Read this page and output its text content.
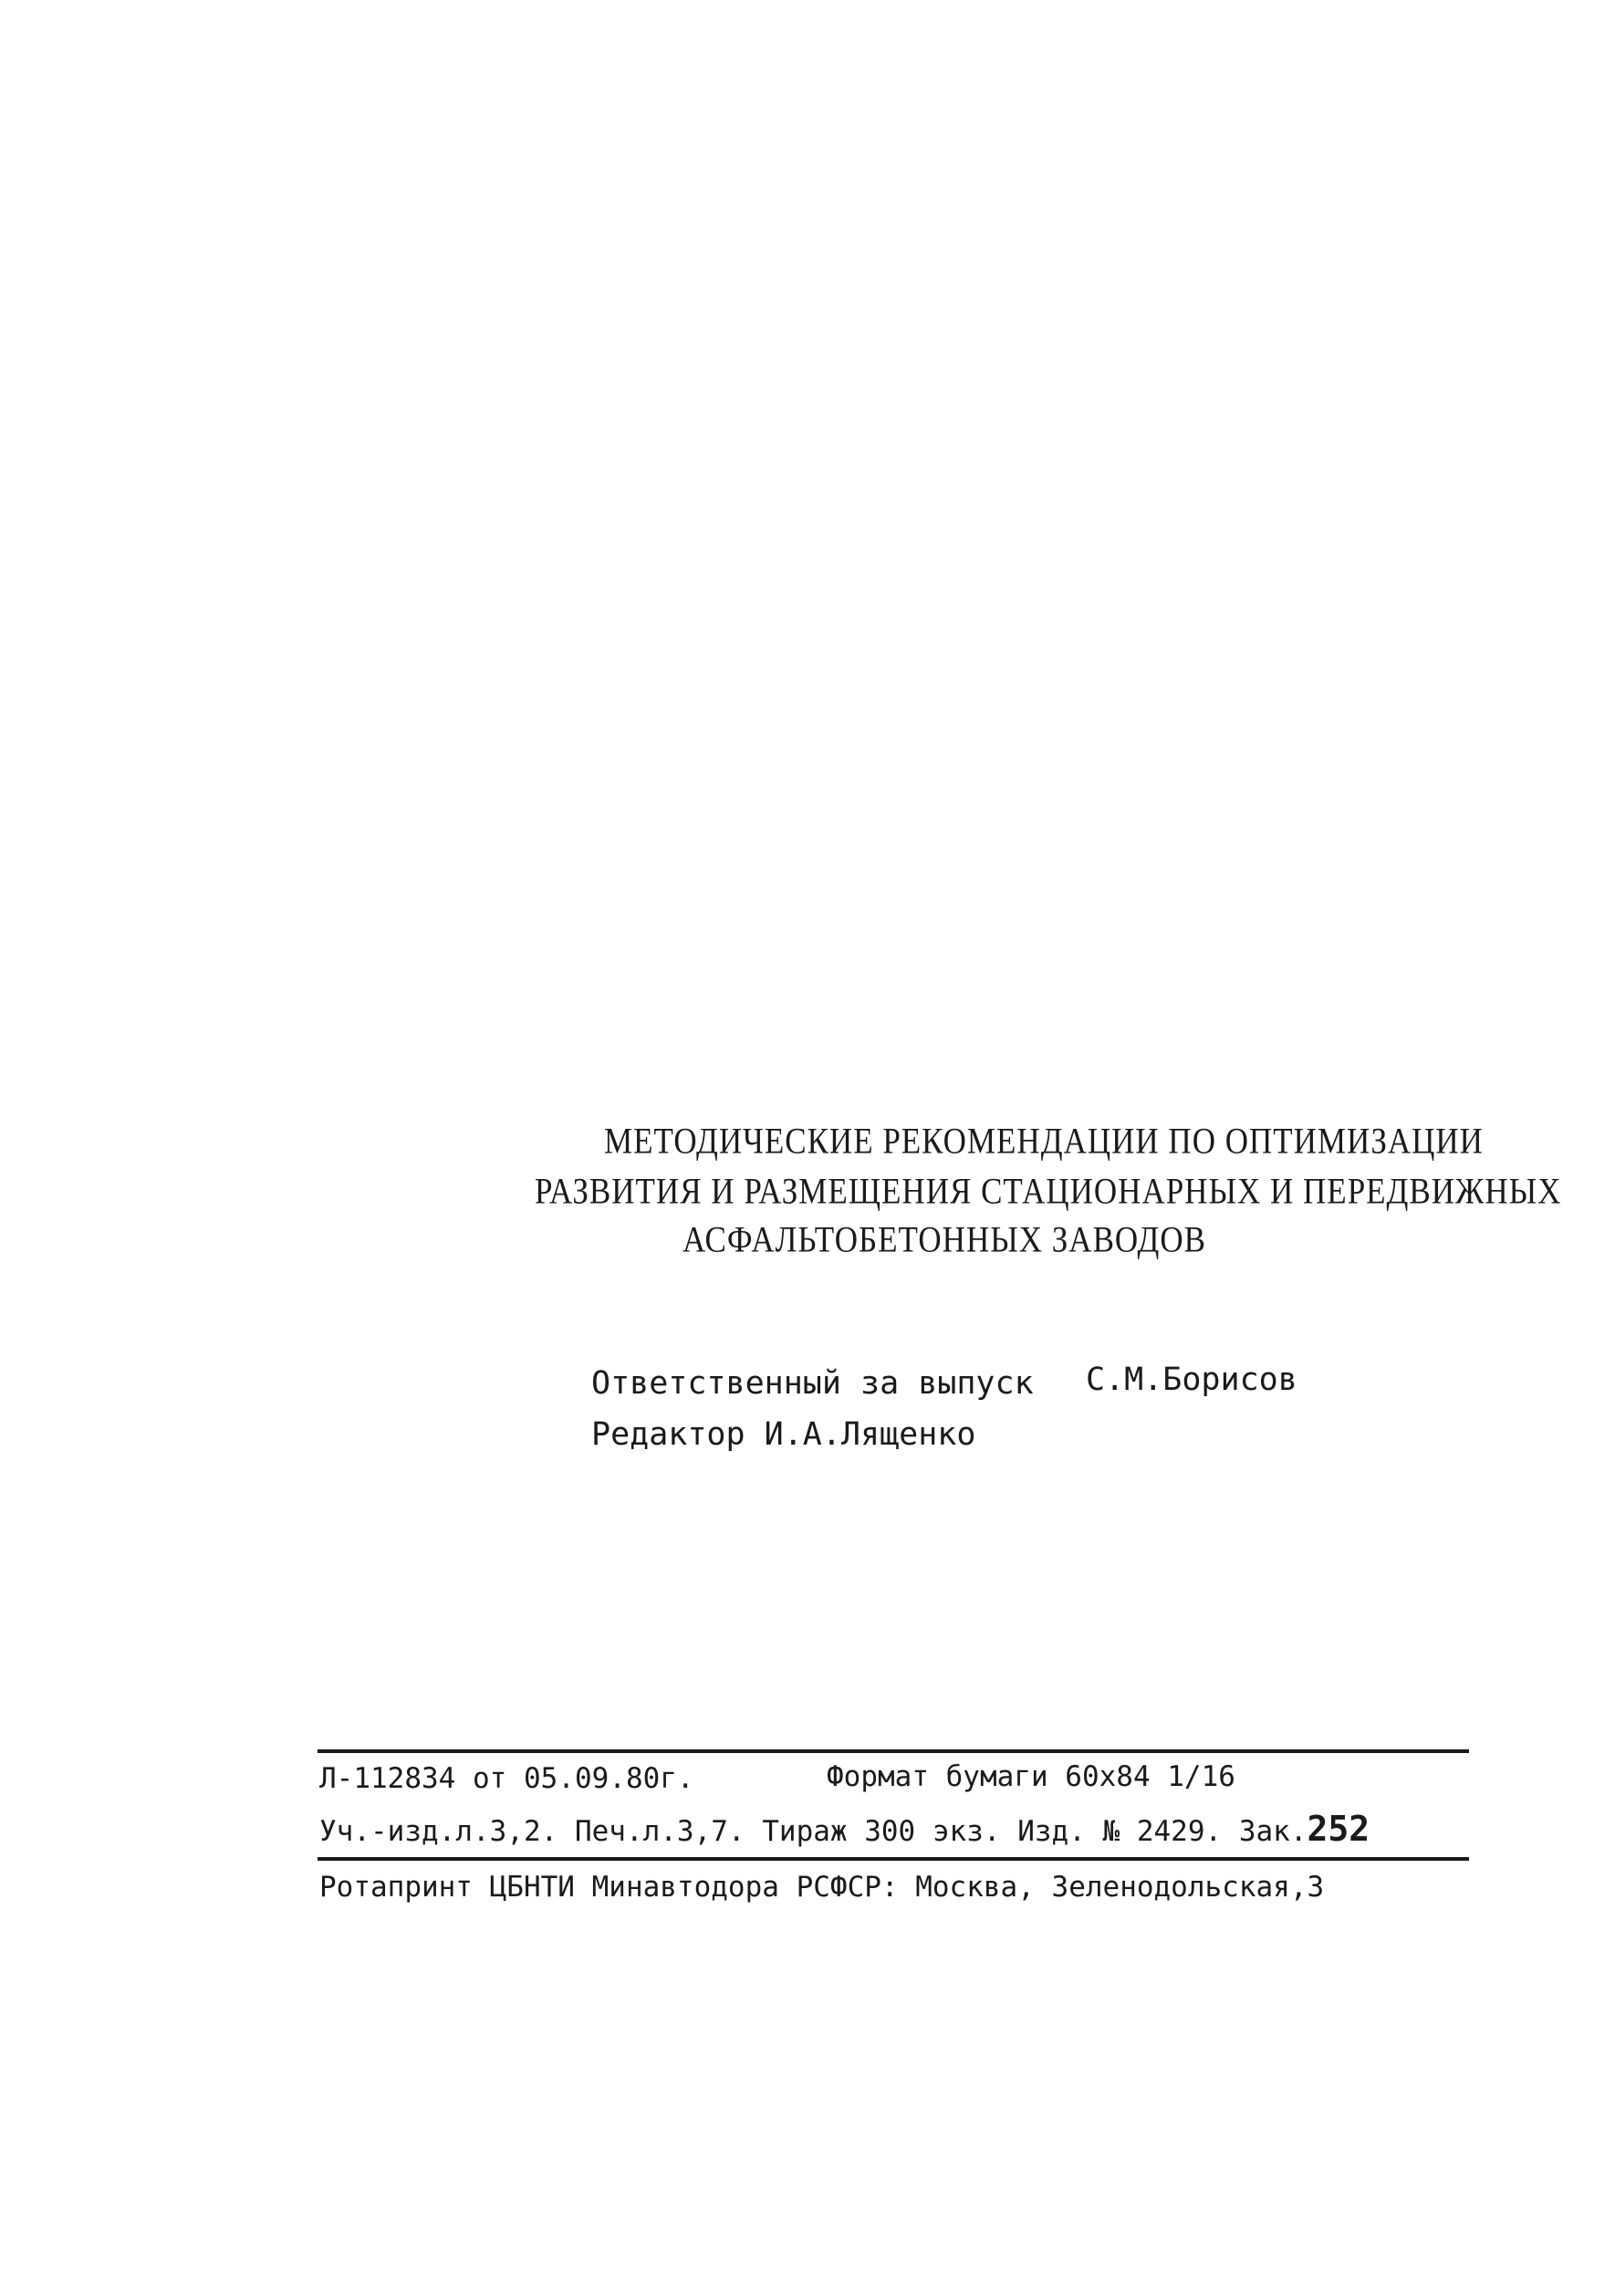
МЕТОДИЧЕСКИЕ РЕКОМЕНДАЦИИ ПО ОПТИМИЗАЦИИ
РАЗВИТИЯ И РАЗМЕЩЕНИЯ СТАЦИОНАРНЫХ И ПЕРЕДВИЖНЫХ
АСФАЛЬТОБЕТОННЫХ ЗАВОДОВ
Ответственный за выпуск С.М.Борисов
Редактор И.А.Лященко
Л-112834 от 05.09.80г.	Формат бумаги 60х84 1/16
Уч.-изд.л.3,2. Печ.л.3,7. Тираж 300 экз. Изд. № 2429. Зак.252
Ротапринт ЦБНТИ Минавтодора РСФСР: Москва, Зеленодольская,3
